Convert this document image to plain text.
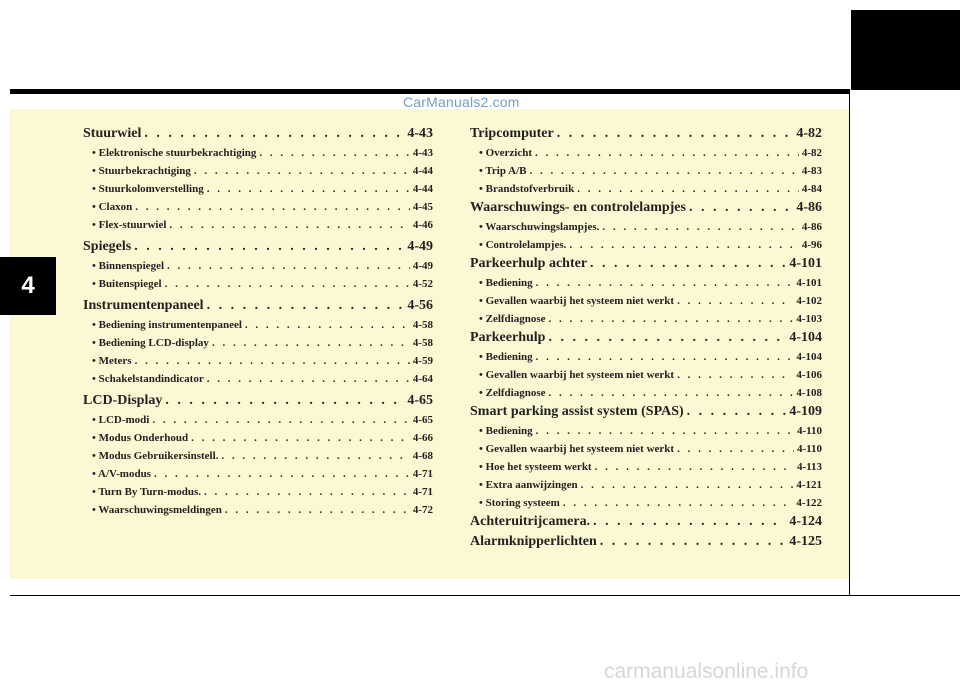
CarManuals2.com
4
Stuurwiel . . .	4-43
• Elektronische stuurbekrachtiging . . .	4-43
• Stuurbekrachtiging . . .	4-44
• Stuurkolomverstelling . . .	4-44
• Claxon . . .	4-45
• Flex-stuurwiel . . .	4-46
Spiegels . . .	4-49
• Binnenspiegel . . .	4-49
• Buitenspiegel . . .	4-52
Instrumentenpaneel . . .	4-56
• Bediening instrumentenpaneel . . .	4-58
• Bediening LCD-display . . .	4-58
• Meters . . .	4-59
• Schakelstandindicator . . .	4-64
LCD-Display . . .	4-65
• LCD-modi . . .	4-65
• Modus Onderhoud . . .	4-66
• Modus Gebruikersinstell. . . .	4-68
• A/V-modus . . .	4-71
• Turn By Turn-modus. . . .	4-71
• Waarschuwingsmeldingen . . .	4-72
Tripcomputer . . .	4-82
• Overzicht . . .	4-82
• Trip A/B . . .	4-83
• Brandstofverbruik . . .	4-84
Waarschuwings- en controlelampjes . . .	4-86
• Waarschuwingslampjes. . . .	4-86
• Controlelampjes. . . .	4-96
Parkeerhulp achter . . .	4-101
• Bediening . . .	4-101
• Gevallen waarbij het systeem niet werkt . . .	4-102
• Zelfdiagnose . . .	4-103
Parkeerhulp . . .	4-104
• Bediening . . .	4-104
• Gevallen waarbij het systeem niet werkt . . .	4-106
• Zelfdiagnose . . .	4-108
Smart parking assist system (SPAS) . . .	4-109
• Bediening . . .	4-110
• Gevallen waarbij het systeem niet werkt . . .	4-110
• Hoe het systeem werkt . . .	4-113
• Extra aanwijzingen . . .	4-121
• Storing systeem . . .	4-122
Achteruitrijcamera. . . .	4-124
Alarmknipperlichten . . .	4-125
carmanualsonline.info
